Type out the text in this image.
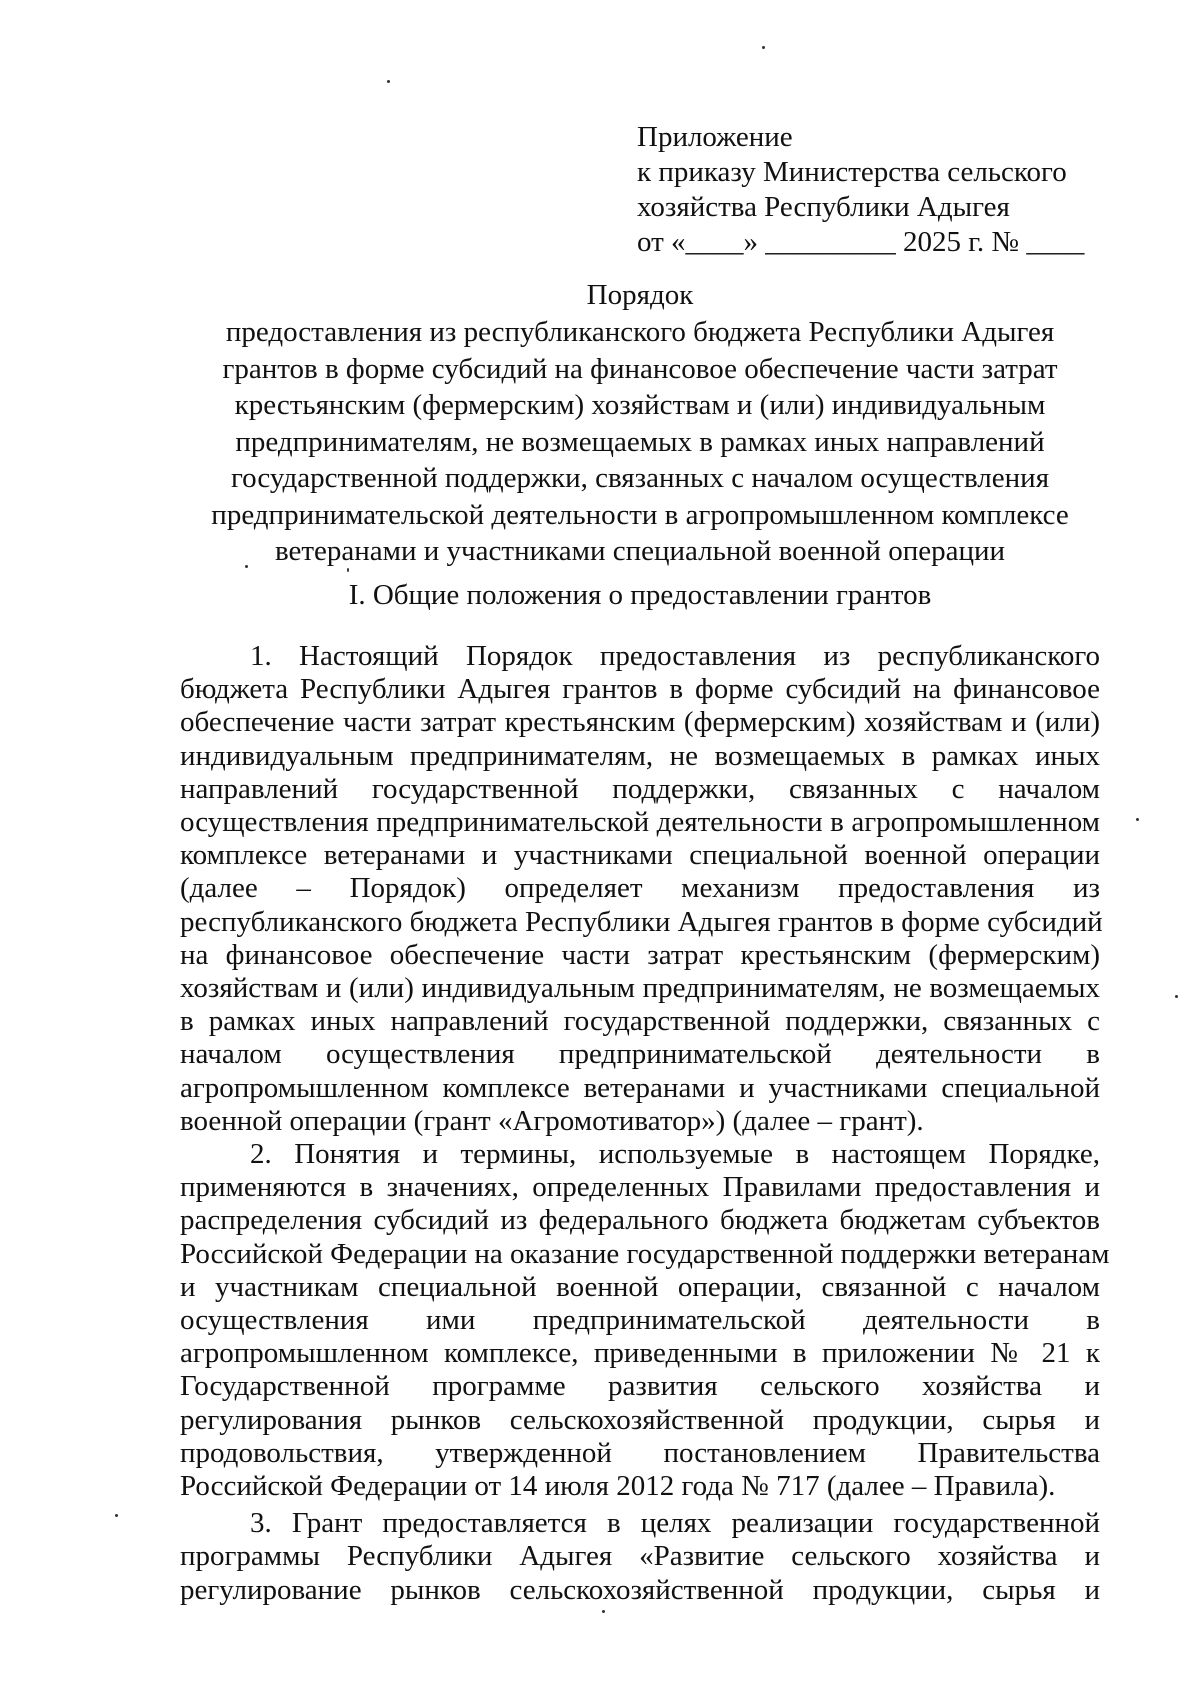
Приложение
к приказу Министерства сельского
хозяйства Республики Адыгея
от «____» _________ 2025 г. № ____
Порядок
предоставления из республиканского бюджета Республики Адыгея
грантов в форме субсидий на финансовое обеспечение части затрат
крестьянским (фермерским) хозяйствам и (или) индивидуальным
предпринимателям, не возмещаемых в рамках иных направлений
государственной поддержки, связанных с началом осуществления
предпринимательской деятельности в агропромышленном комплексе
ветеранами и участниками специальной военной операции
I. Общие положения о предоставлении грантов
1. Настоящий Порядок предоставления из республиканского
бюджета Республики Адыгея грантов в форме субсидий на финансовое
обеспечение части затрат крестьянским (фермерским) хозяйствам и (или)
индивидуальным предпринимателям, не возмещаемых в рамках иных
направлений государственной поддержки, связанных с началом
осуществления предпринимательской деятельности в агропромышленном
комплексе ветеранами и участниками специальной военной операции
(далее – Порядок) определяет механизм предоставления из
республиканского бюджета Республики Адыгея грантов в форме субсидий
на финансовое обеспечение части затрат крестьянским (фермерским)
хозяйствам и (или) индивидуальным предпринимателям, не возмещаемых
в рамках иных направлений государственной поддержки, связанных с
началом осуществления предпринимательской деятельности в
агропромышленном комплексе ветеранами и участниками специальной
военной операции (грант «Агромотиватор») (далее – грант).
2. Понятия и термины, используемые в настоящем Порядке,
применяются в значениях, определенных Правилами предоставления и
распределения субсидий из федерального бюджета бюджетам субъектов
Российской Федерации на оказание государственной поддержки ветеранам
и участникам специальной военной операции, связанной с началом
осуществления ими предпринимательской деятельности в
агропромышленном комплексе, приведенными в приложении № 21 к
Государственной программе развития сельского хозяйства и
регулирования рынков сельскохозяйственной продукции, сырья и
продовольствия, утвержденной постановлением Правительства
Российской Федерации от 14 июля 2012 года № 717 (далее – Правила).
3. Грант предоставляется в целях реализации государственной
программы Республики Адыгея «Развитие сельского хозяйства и
регулирование рынков сельскохозяйственной продукции, сырья и
